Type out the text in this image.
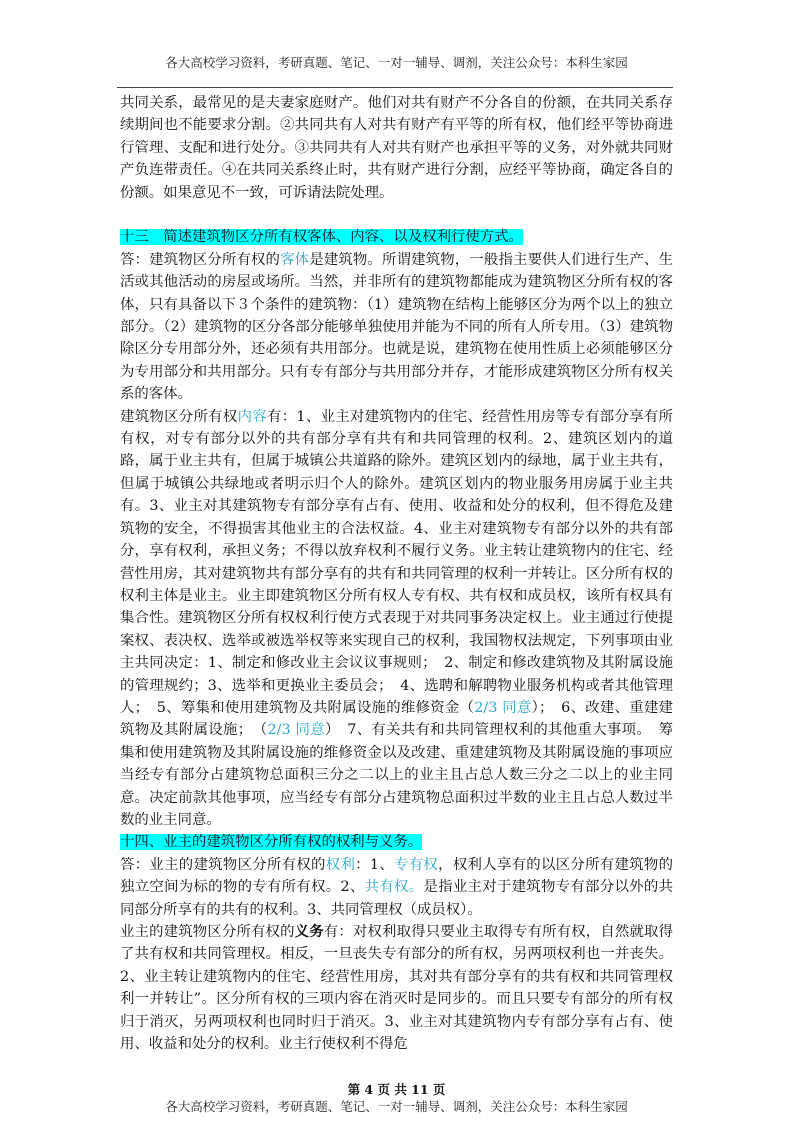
各大高校学习资料，考研真题、笔记、一对一辅导、调剂，关注公众号：本科生家园

共同关系，最常见的是夫妻家庭财产。他们对共有财产不分各自的份额，在共同关系存续期间也不能要求分割。②共同共有人对共有财产有平等的所有权，他们经平等协商进行管理、支配和进行处分。③共同共有人对共有财产也承担平等的义务，对外就共同财产负连带责任。④在共同关系终止时，共有财产进行分割，应经平等协商，确定各自的份额。如果意见不一致，可诉请法院处理。

十三　简述建筑物区分所有权客体、内容、以及权利行使方式。

答：建筑物区分所有权的客体是建筑物。所谓建筑物，一般指主要供人们进行生产、生活或其他活动的房屋或场所。当然，并非所有的建筑物都能成为建筑物区分所有权的客体，只有具备以下３个条件的建筑物：（1）建筑物在结构上能够区分为两个以上的独立部分。（2）建筑物的区分各部分能够单独使用并能为不同的所有人所专用。（3）建筑物除区分专用部分外，还必须有共用部分。也就是说，建筑物在使用性质上必须能够区分为专用部分和共用部分。只有专有部分与共用部分并存，才能形成建筑物区分所有权关系的客体。

建筑物区分所有权内容有：1、业主对建筑物内的住宅、经营性用房等专有部分享有所有权，对专有部分以外的共有部分享有共有和共同管理的权利。2、建筑区划内的道路，属于业主共有，但属于城镇公共道路的除外。建筑区划内的绿地，属于业主共有，但属于城镇公共绿地或者明示归个人的除外。建筑区划内的物业服务用房属于业主共有。3、业主对其建筑物专有部分享有占有、使用、收益和处分的权利，但不得危及建筑物的安全，不得损害其他业主的合法权益。4、业主对建筑物专有部分以外的共有部分，享有权利，承担义务；不得以放弃权利不履行义务。业主转让建筑物内的住宅、经营性用房，其对建筑物共有部分享有的共有和共同管理的权利一并转让。区分所有权的权利主体是业主。业主即建筑物区分所有权人专有权、共有权和成员权，该所有权具有集合性。建筑物区分所有权权利行使方式表现于对共同事务决定权上。业主通过行使提案权、表决权、选举或被选举权等来实现自己的权利，我国物权法规定，下列事项由业主共同决定：1、制定和修改业主会议议事规则；　2、制定和修改建筑物及其附属设施的管理规约；3、选举和更换业主委员会；　4、选聘和解聘物业服务机构或者其他管理人；　5、筹集和使用建筑物及共附属设施的维修资金（2/3 同意）；　6、改建、重建建筑物及其附属设施；　（2/3 同意）　7、有关共有和共同管理权利的其他重大事项。　筹集和使用建筑物及其附属设施的维修资金以及改建、重建建筑物及其附属设施的事项应当经专有部分占建筑物总面积三分之二以上的业主且占总人数三分之二以上的业主同意。决定前款其他事项，应当经专有部分占建筑物总面积过半数的业主且占总人数过半数的业主同意。

十四、业主的建筑物区分所有权的权利与义务。

答：业主的建筑物区分所有权的权利：1、专有权，权利人享有的以区分所有建筑物的独立空间为标的物的专有所有权。2、共有权。是指业主对于建筑物专有部分以外的共同部分所享有的共有的权利。3、共同管理权（成员权）。

业主的建筑物区分所有权的义务有：对权利取得只要业主取得专有所有权，自然就取得了共有权和共同管理权。相反，一旦丧失专有部分的所有权，另两项权利也一并丧失。2、业主转让建筑物内的住宅、经营性用房，其对共有部分享有的共有权和共同管理权利一并转让”。区分所有权的三项内容在消灭时是同步的。而且只要专有部分的所有权归于消灭，另两项权利也同时归于消灭。3、业主对其建筑物内专有部分享有占有、使用、收益和处分的权利。业主行使权利不得危

第 4 页 共 11 页
各大高校学习资料，考研真题、笔记、一对一辅导、调剂，关注公众号：本科生家园
